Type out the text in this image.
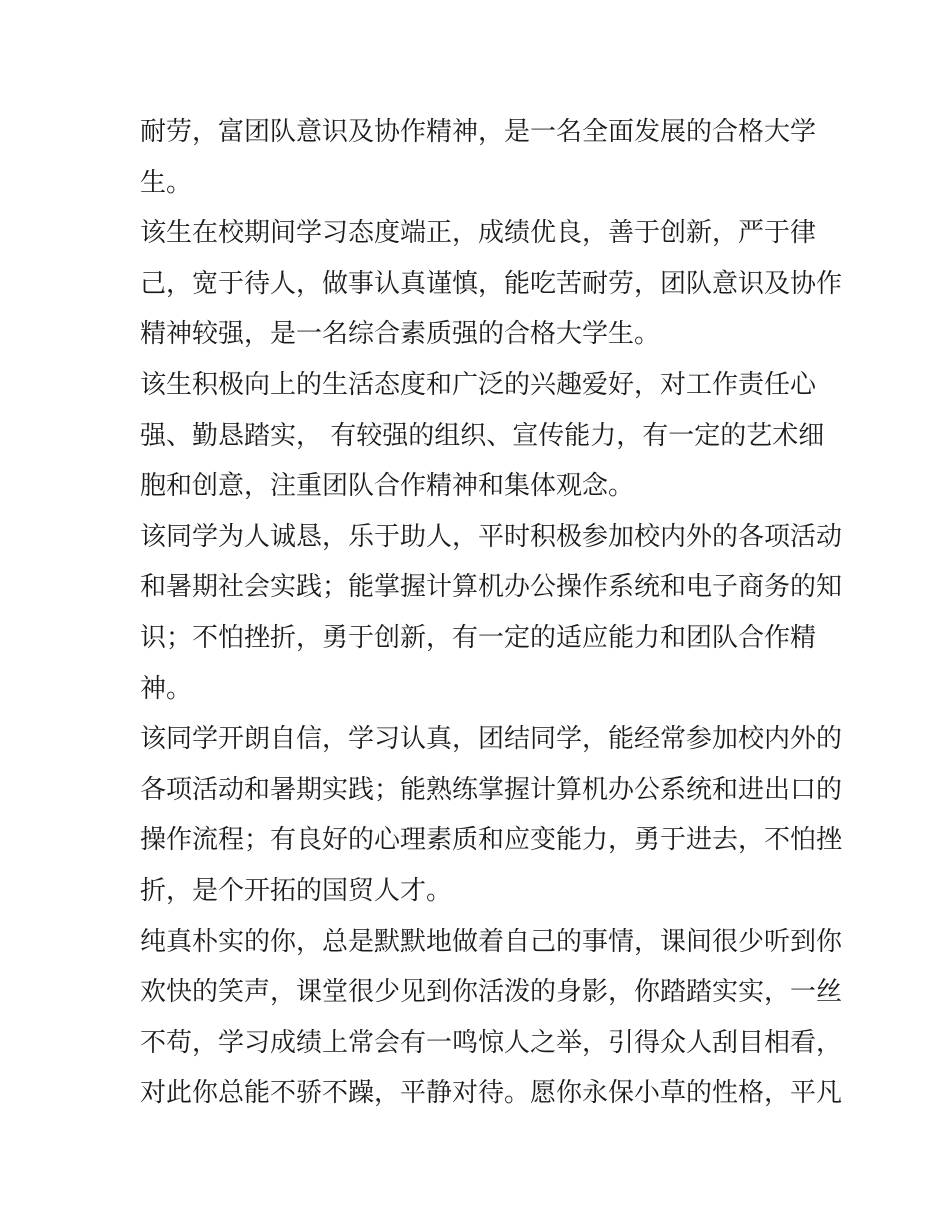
耐劳，富团队意识及协作精神，是一名全面发展的合格大学
生。

该生在校期间学习态度端正，成绩优良，善于创新，严于律
己，宽于待人，做事认真谨慎，能吃苦耐劳，团队意识及协作
精神较强，是一名综合素质强的合格大学生。

该生积极向上的生活态度和广泛的兴趣爱好，对工作责任心
强、勤恳踏实， 有较强的组织、宣传能力，有一定的艺术细
胞和创意，注重团队合作精神和集体观念。

该同学为人诚恳，乐于助人，平时积极参加校内外的各项活动
和暑期社会实践；能掌握计算机办公操作系统和电子商务的知
识；不怕挫折，勇于创新，有一定的适应能力和团队合作精
神。

该同学开朗自信，学习认真，团结同学，能经常参加校内外的
各项活动和暑期实践；能熟练掌握计算机办公系统和进出口的
操作流程；有良好的心理素质和应变能力，勇于进去，不怕挫
折，是个开拓的国贸人才。

纯真朴实的你，总是默默地做着自己的事情，课间很少听到你
欢快的笑声，课堂很少见到你活泼的身影，你踏踏实实，一丝
不苟，学习成绩上常会有一鸣惊人之举，引得众人刮目相看，
对此你总能不骄不躁，平静对待。愿你永保小草的性格，平凡
